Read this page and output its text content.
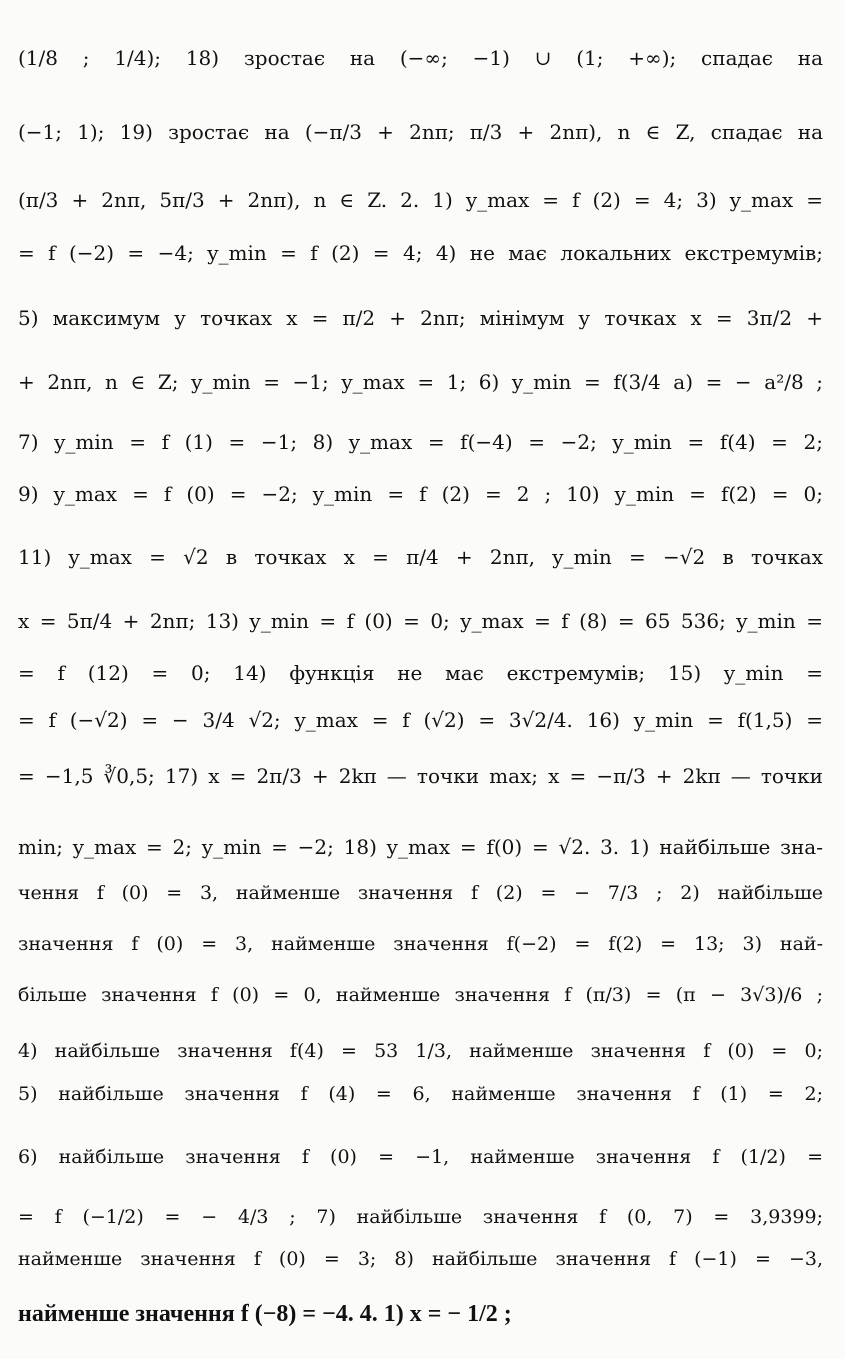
(1/8 ; 1/4); 18) зростає на (−∞; −1) ∪ (1; +∞); спадає на
(−1; 1); 19) зростає на (−π/3 + 2nπ; π/3 + 2nπ), n ∈ Z, спадає на
(π/3 + 2nπ, 5π/3 + 2nπ), n ∈ Z. 2. 1) y_max = f (2) = 4; 3) y_max =
= f (−2) = −4; y_min = f (2) = 4; 4) не має локальних екстремумів;
5) максимум у точках x = π/2 + 2nπ; мінімум у точках x = 3π/2 +
+ 2nπ, n ∈ Z; y_min = −1; y_max = 1; 6) y_min = f(3/4 a) = − a²/8 ;
7) y_min = f (1) = −1; 8) y_max = f(−4) = −2; y_min = f(4) = 2;
9) y_max = f (0) = −2; y_min = f (2) = 2 ; 10) y_min = f(2) = 0;
11) y_max = √2 в точках x = π/4 + 2nπ, y_min = −√2 в точках
x = 5π/4 + 2nπ; 13) y_min = f (0) = 0; y_max = f (8) = 65 536; y_min =
= f (12) = 0; 14) функція не має екстремумів; 15) y_min =
= f (−√2) = − 3/4 √2; y_max = f (√2) = 3√2/4. 16) y_min = f(1,5) =
= −1,5 ∛0,5; 17) x = 2π/3 + 2kπ — точки max; x = −π/3 + 2kπ — точки
min; y_max = 2; y_min = −2; 18) y_max = f(0) = √2. 3. 1) найбільше зна-
чення f (0) = 3, найменше значення f (2) = − 7/3 ; 2) найбільше
значення f (0) = 3, найменше значення f(−2) = f(2) = 13; 3) най-
більше значення f (0) = 0, найменше значення f (π/3) = (π − 3√3)/6 ;
4) найбільше значення f(4) = 53 1/3, найменше значення f (0) = 0;
5) найбільше значення f (4) = 6, найменше значення f (1) = 2;
6) найбільше значення f (0) = −1, найменше значення f (1/2) =
= f (−1/2) = − 4/3 ; 7) найбільше значення f (0, 7) = 3,9399;
найменше значення f (0) = 3; 8) найбільше значення f (−1) = −3,
найменше значення f (−8) = −4. 4. 1) x = − 1/2 ;
